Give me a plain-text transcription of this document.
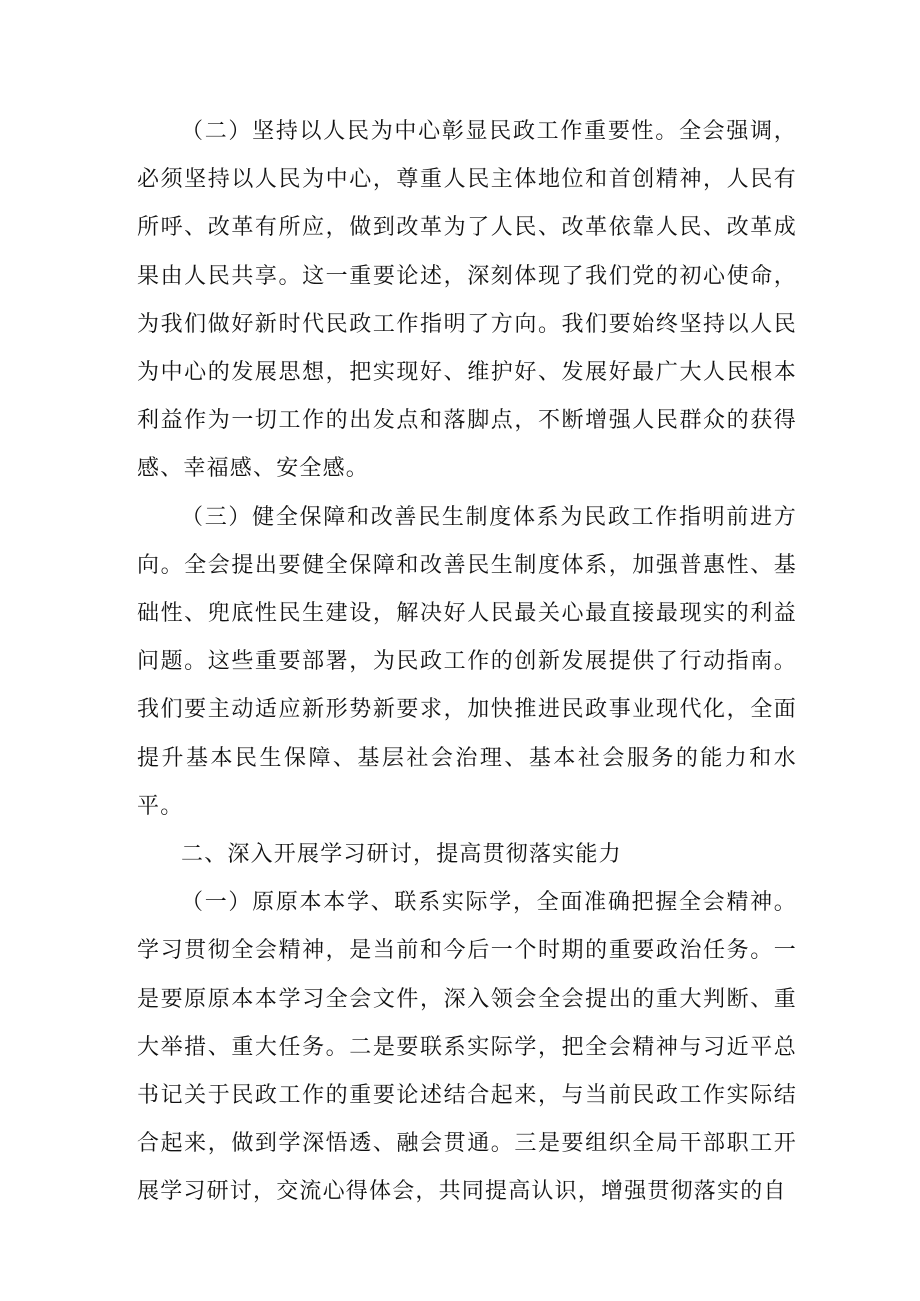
（二）坚持以人民为中心彰显民政工作重要性。全会强调，必须坚持以人民为中心，尊重人民主体地位和首创精神，人民有所呼、改革有所应，做到改革为了人民、改革依靠人民、改革成果由人民共享。这一重要论述，深刻体现了我们党的初心使命，为我们做好新时代民政工作指明了方向。我们要始终坚持以人民为中心的发展思想，把实现好、维护好、发展好最广大人民根本利益作为一切工作的出发点和落脚点，不断增强人民群众的获得感、幸福感、安全感。

（三）健全保障和改善民生制度体系为民政工作指明前进方向。全会提出要健全保障和改善民生制度体系，加强普惠性、基础性、兜底性民生建设，解决好人民最关心最直接最现实的利益问题。这些重要部署，为民政工作的创新发展提供了行动指南。我们要主动适应新形势新要求，加快推进民政事业现代化，全面提升基本民生保障、基层社会治理、基本社会服务的能力和水平。

二、深入开展学习研讨，提高贯彻落实能力

（一）原原本本学、联系实际学，全面准确把握全会精神。学习贯彻全会精神，是当前和今后一个时期的重要政治任务。一是要原原本本学习全会文件，深入领会全会提出的重大判断、重大举措、重大任务。二是要联系实际学，把全会精神与习近平总书记关于民政工作的重要论述结合起来，与当前民政工作实际结合起来，做到学深悟透、融会贯通。三是要组织全局干部职工开展学习研讨，交流心得体会，共同提高认识，增强贯彻落实的自
